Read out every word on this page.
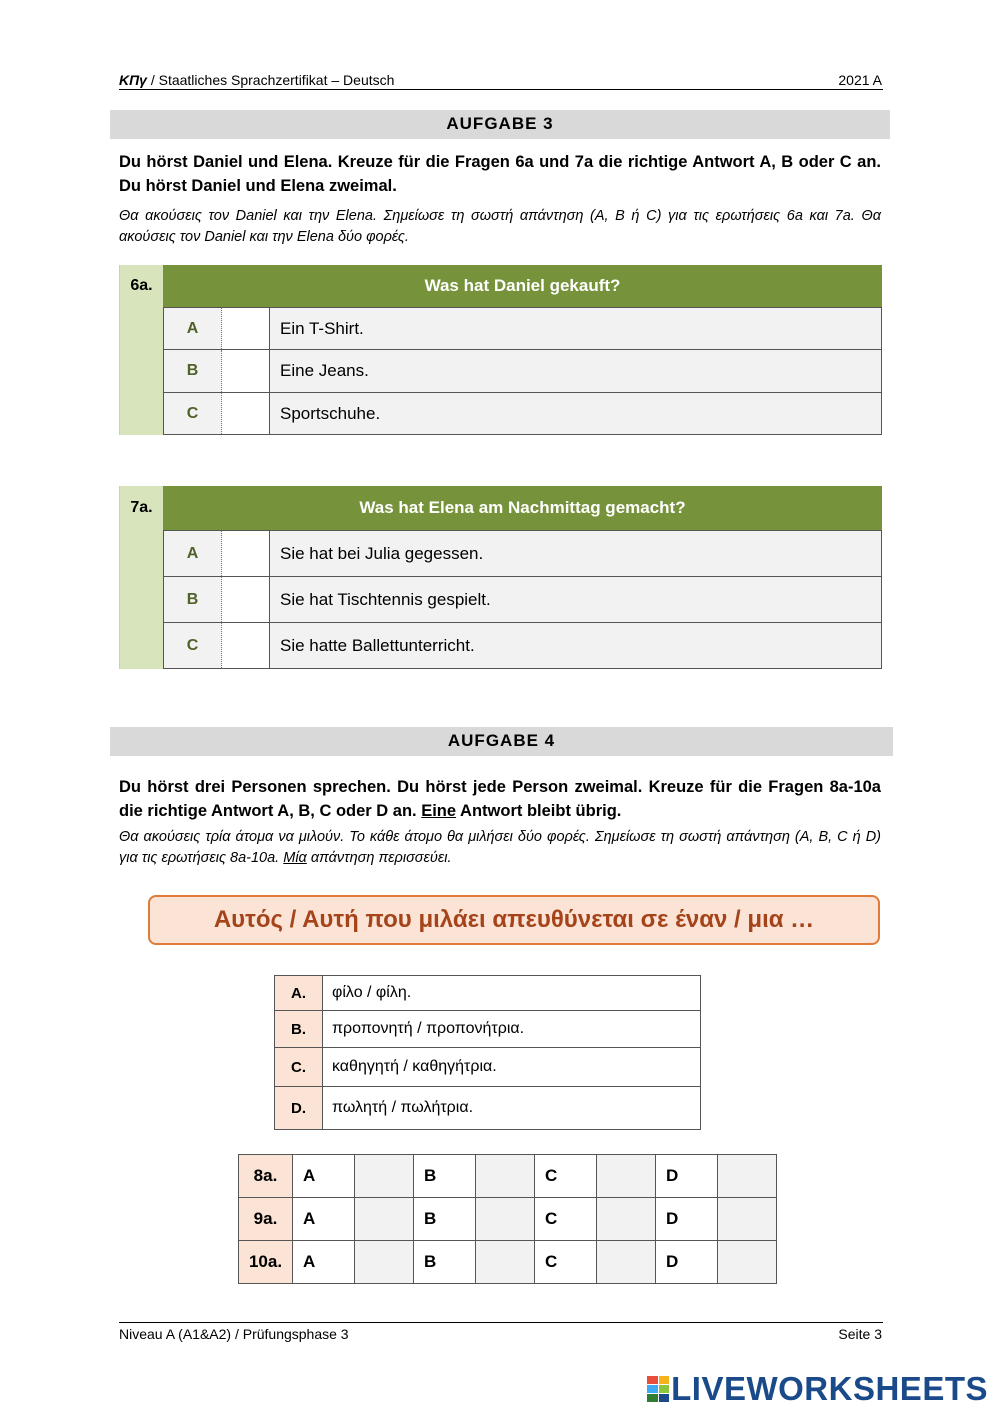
ΚΠγ / Staatliches Sprachzertifikat – Deutsch	2021 A
AUFGABE 3
Du hörst Daniel und Elena. Kreuze für die Fragen 6a und 7a die richtige Antwort A, B oder C an. Du hörst Daniel und Elena zweimal.
Θα ακούσεις τον Daniel και την Elena. Σημείωσε τη σωστή απάντηση (A, B ή C) για τις ερωτήσεις 6a και 7a. Θα ακούσεις τον Daniel και την Elena δύο φορές.
6a.	Was hat Daniel gekauft?
A	Ein T-Shirt.
B	Eine Jeans.
C	Sportschuhe.
7a.	Was hat Elena am Nachmittag gemacht?
A	Sie hat bei Julia gegessen.
B	Sie hat Tischtennis gespielt.
C	Sie hatte Ballettunterricht.
AUFGABE 4
Du hörst drei Personen sprechen. Du hörst jede Person zweimal. Kreuze für die Fragen 8a-10a die richtige Antwort A, B, C oder D an. Eine Antwort bleibt übrig.
Θα ακούσεις τρία άτομα να μιλούν. Το κάθε άτομο θα μιλήσει δύο φορές. Σημείωσε τη σωστή απάντηση (A, B, C ή D) για τις ερωτήσεις 8a-10a. Μία απάντηση περισσεύει.
Αυτός / Αυτή που μιλάει απευθύνεται σε έναν / μια …
A.	φίλο / φίλη.
B.	προπονητή / προπονήτρια.
C.	καθηγητή / καθηγήτρια.
D.	πωλητή / πωλήτρια.
8a.	A		B		C		D	
9a.	A		B		C		D	
10a.	A		B		C		D	
Niveau A (A1&A2) / Prüfungsphase 3	Seite 3
LIVEWORKSHEETS
